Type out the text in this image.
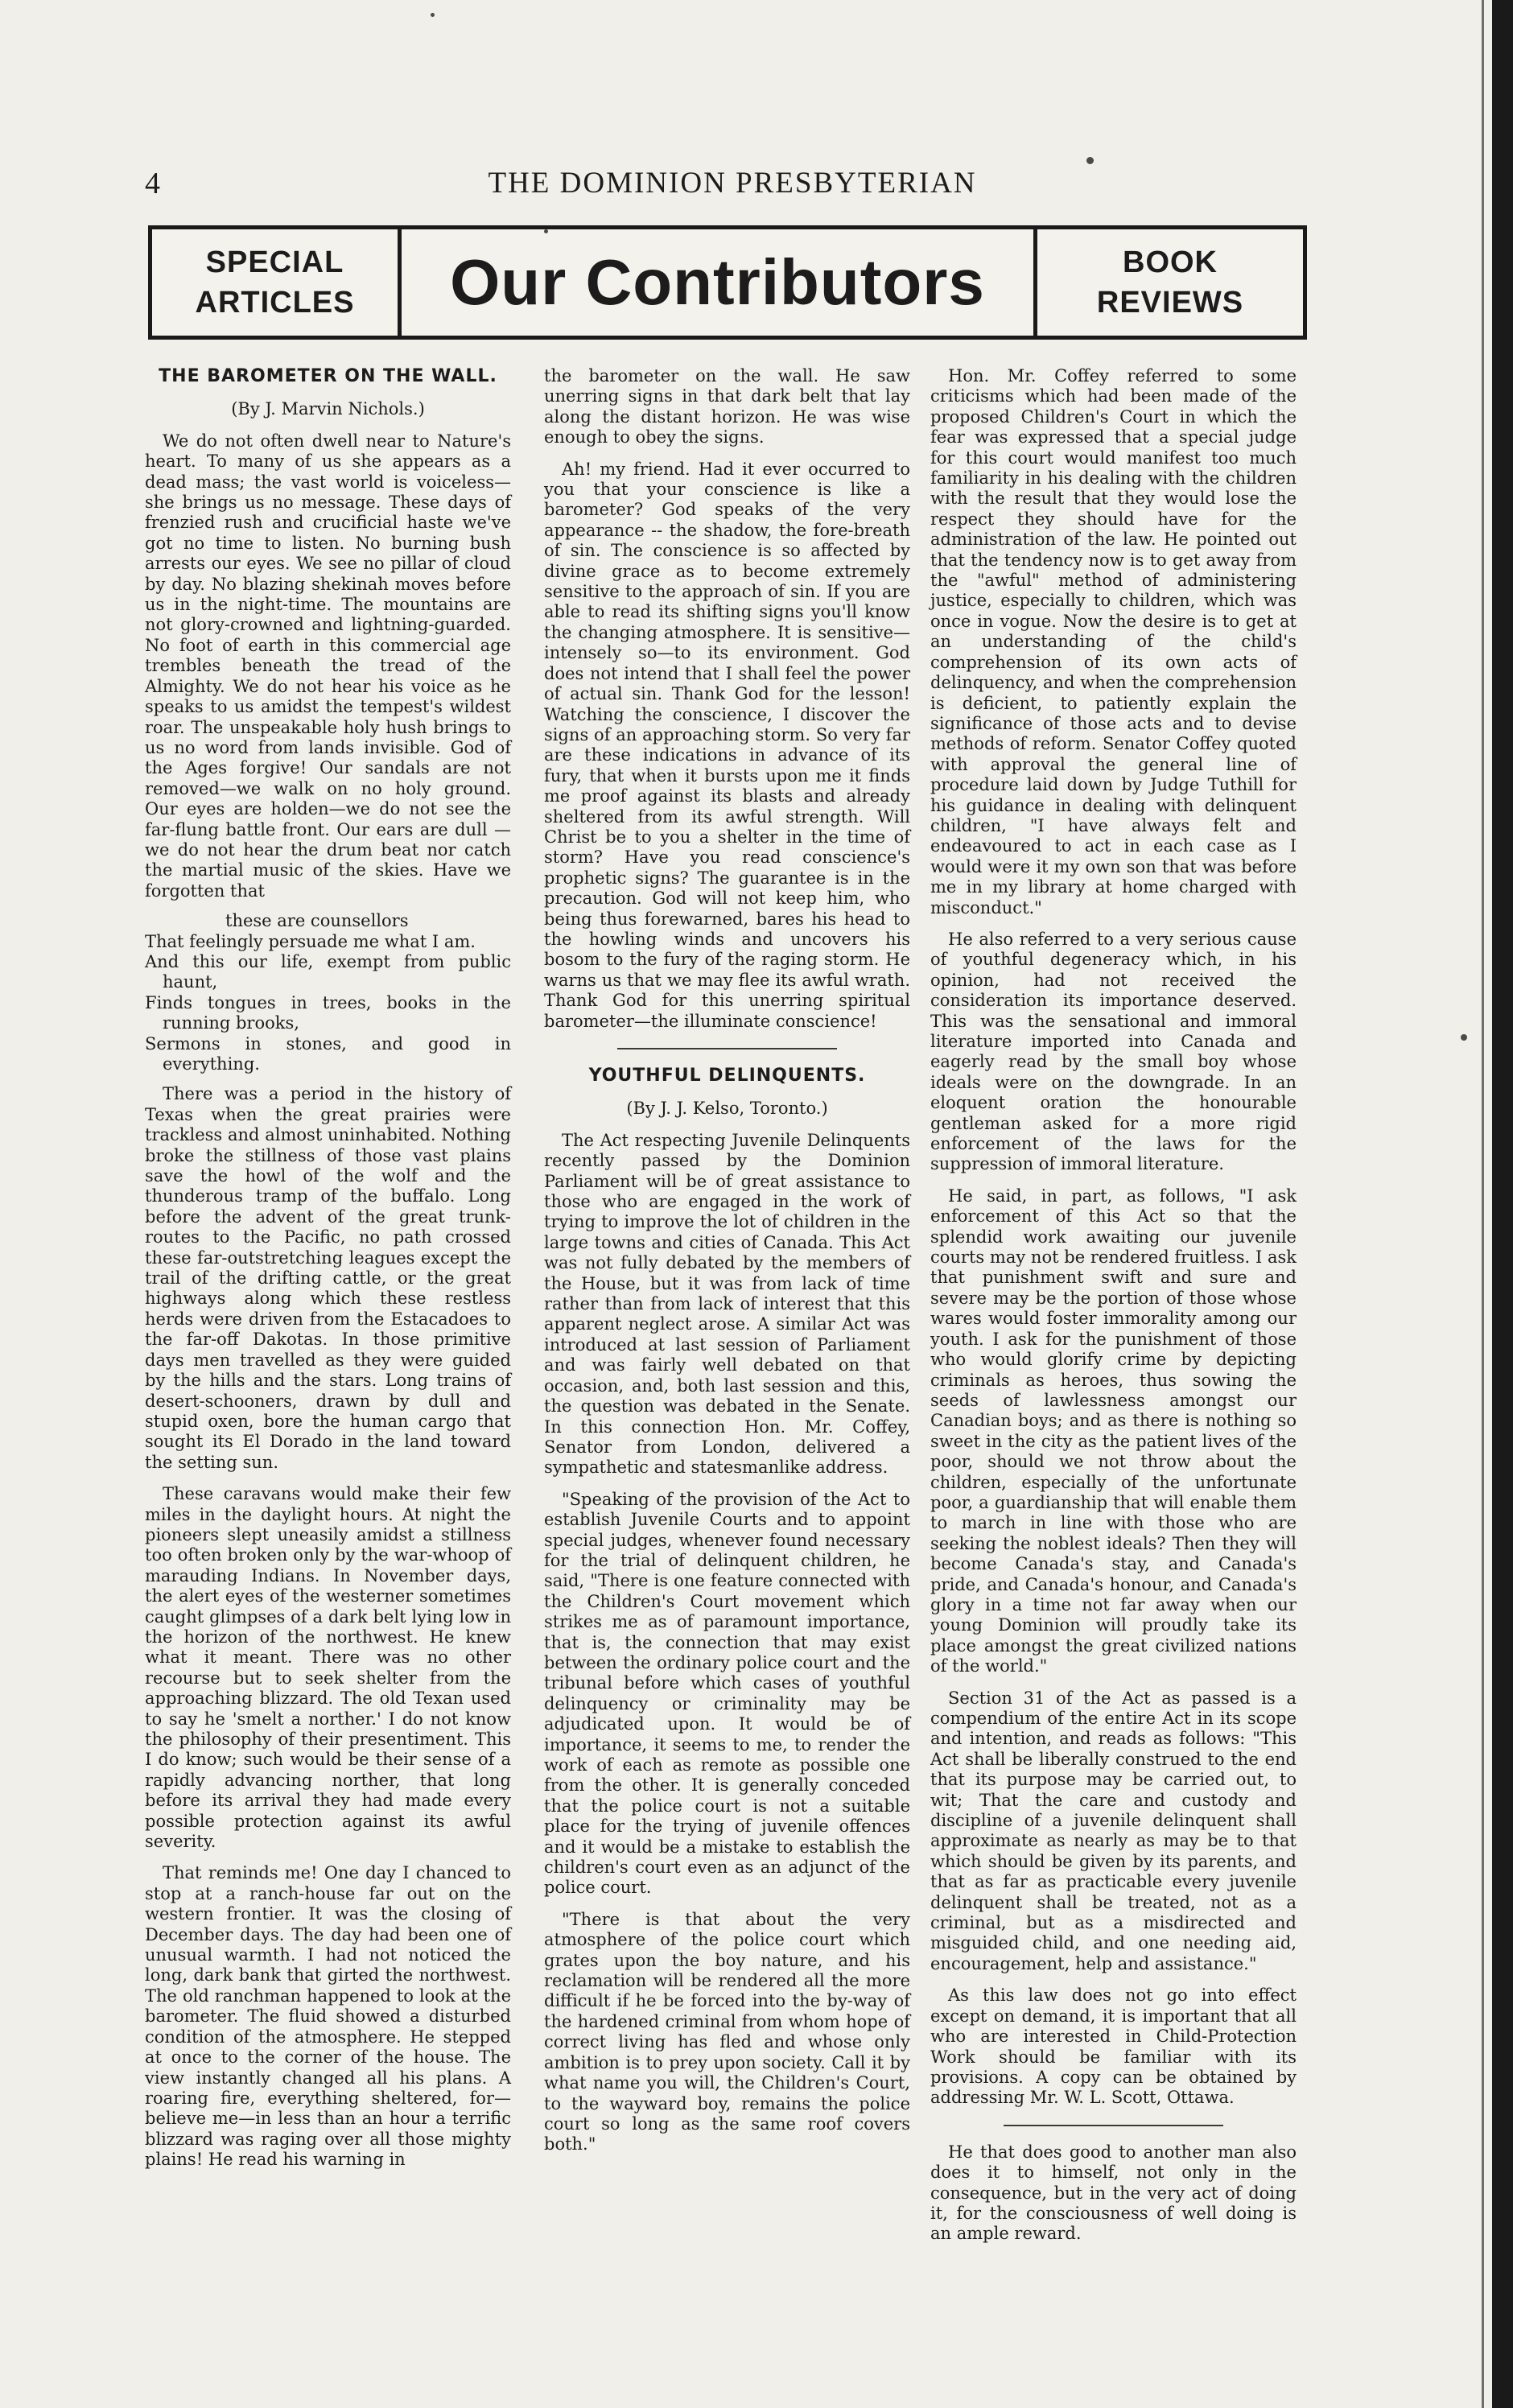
4	THE DOMINION PRESBYTERIAN
SPECIAL
ARTICLES Our Contributors	BOOK
REVIEWS
THE BAROMETER ON THE WALL.
(By J. Marvin Nichols.)

We do not often dwell near to Nature's heart. To many of us she appears as a dead mass; the vast world is voiceless—she brings us no message. These days of frenzied rush and crucificial haste we've got no time to listen. No burning bush arrests our eyes. We see no pillar of cloud by day. No blazing shekinah moves before us in the night-time. The mountains are not glory-crowned and lightning-guarded. No foot of earth in this commercial age trembles beneath the tread of the Almighty. We do not hear his voice as he speaks to us amidst the tempest's wildest roar. The unspeakable holy hush brings to us no word from lands invisible. God of the Ages forgive! Our sandals are not removed—we walk on no holy ground. Our eyes are holden—we do not see the far-flung battle front. Our ears are dull —we do not hear the drum beat nor catch the martial music of the skies. Have we forgotten that

these are counsellors
That feelingly persuade me what I am.
And this our life, exempt from public haunt,
Finds tongues in trees, books in the running brooks,
Sermons in stones, and good in everything.

There was a period in the history of Texas when the great prairies were trackless and almost uninhabited. Nothing broke the stillness of those vast plains save the howl of the wolf and the thunderous tramp of the buffalo. Long before the advent of the great trunk-routes to the Pacific, no path crossed these far-outstretching leagues except the trail of the drifting cattle, or the great highways along which these restless herds were driven from the Estacadoes to the far-off Dakotas. In those primitive days men travelled as they were guided by the hills and the stars. Long trains of desert-schooners, drawn by dull and stupid oxen, bore the human cargo that sought its El Dorado in the land toward the setting sun.

These caravans would make their few miles in the daylight hours. At night the pioneers slept uneasily amidst a stillness too often broken only by the war-whoop of marauding Indians. In November days, the alert eyes of the westerner sometimes caught glimpses of a dark belt lying low in the horizon of the northwest. He knew what it meant. There was no other recourse but to seek shelter from the approaching blizzard. The old Texan used to say he 'smelt a norther.' I do not know the philosophy of their presentiment. This I do know; such would be their sense of a rapidly advancing norther, that long before its arrival they had made every possible protection against its awful severity.

That reminds me! One day I chanced to stop at a ranch-house far out on the western frontier. It was the closing of December days. The day had been one of unusual warmth. I had not noticed the long, dark bank that girted the northwest. The old ranchman happened to look at the barometer. The fluid showed a disturbed condition of the atmosphere. He stepped at once to the corner of the house. The view instantly changed all his plans. A roaring fire, everything sheltered, for—believe me—in less than an hour a terrific blizzard was raging over all those mighty plains! He read his warning in

the barometer on the wall. He saw unerring signs in that dark belt that lay along the distant horizon. He was wise enough to obey the signs.

Ah! my friend. Had it ever occurred to you that your conscience is like a barometer? God speaks of the very appearance -- the shadow, the fore-breath of sin. The conscience is so affected by divine grace as to become extremely sensitive to the approach of sin. If you are able to read its shifting signs you'll know the changing atmosphere. It is sensitive—intensely so—to its environment. God does not intend that I shall feel the power of actual sin. Thank God for the lesson! Watching the conscience, I discover the signs of an approaching storm. So very far are these indications in advance of its fury, that when it bursts upon me it finds me proof against its blasts and already sheltered from its awful strength. Will Christ be to you a shelter in the time of storm? Have you read conscience's prophetic signs? The guarantee is in the precaution. God will not keep him, who being thus forewarned, bares his head to the howling winds and uncovers his bosom to the fury of the raging storm. He warns us that we may flee its awful wrath. Thank God for this unerring spiritual barometer—the illuminate conscience!

YOUTHFUL DELINQUENTS.
(By J. J. Kelso, Toronto.)

The Act respecting Juvenile Delinquents recently passed by the Dominion Parliament will be of great assistance to those who are engaged in the work of trying to improve the lot of children in the large towns and cities of Canada. This Act was not fully debated by the members of the House, but it was from lack of time rather than from lack of interest that this apparent neglect arose. A similar Act was introduced at last session of Parliament and was fairly well debated on that occasion, and, both last session and this, the question was debated in the Senate. In this connection Hon. Mr. Coffey, Senator from London, delivered a sympathetic and statesmanlike address.

"Speaking of the provision of the Act to establish Juvenile Courts and to appoint special judges, whenever found necessary for the trial of delinquent children, he said, "There is one feature connected with the Children's Court movement which strikes me as of paramount importance, that is, the connection that may exist between the ordinary police court and the tribunal before which cases of youthful delinquency or criminality may be adjudicated upon. It would be of importance, it seems to me, to render the work of each as remote as possible one from the other. It is generally conceded that the police court is not a suitable place for the trying of juvenile offences and it would be a mistake to establish the children's court even as an adjunct of the police court.

"There is that about the very atmosphere of the police court which grates upon the boy nature, and his reclamation will be rendered all the more difficult if he be forced into the by-way of the hardened criminal from whom hope of correct living has fled and whose only ambition is to prey upon society. Call it by what name you will, the Children's Court, to the wayward boy, remains the police court so long as the same roof covers both."

Hon. Mr. Coffey referred to some criticisms which had been made of the proposed Children's Court in which the fear was expressed that a special judge for this court would manifest too much familiarity in his dealing with the children with the result that they would lose the respect they should have for the administration of the law. He pointed out that the tendency now is to get away from the "awful" method of administering justice, especially to children, which was once in vogue. Now the desire is to get at an understanding of the child's comprehension of its own acts of delinquency, and when the comprehension is deficient, to patiently explain the significance of those acts and to devise methods of reform. Senator Coffey quoted with approval the general line of procedure laid down by Judge Tuthill for his guidance in dealing with delinquent children, "I have always felt and endeavoured to act in each case as I would were it my own son that was before me in my library at home charged with misconduct."

He also referred to a very serious cause of youthful degeneracy which, in his opinion, had not received the consideration its importance deserved. This was the sensational and immoral literature imported into Canada and eagerly read by the small boy whose ideals were on the downgrade. In an eloquent oration the honourable gentleman asked for a more rigid enforcement of the laws for the suppression of immoral literature.

He said, in part, as follows, "I ask enforcement of this Act so that the splendid work awaiting our juvenile courts may not be rendered fruitless. I ask that punishment swift and sure and severe may be the portion of those whose wares would foster immorality among our youth. I ask for the punishment of those who would glorify crime by depicting criminals as heroes, thus sowing the seeds of lawlessness amongst our Canadian boys; and as there is nothing so sweet in the city as the patient lives of the poor, should we not throw about the children, especially of the unfortunate poor, a guardianship that will enable them to march in line with those who are seeking the noblest ideals? Then they will become Canada's stay, and Canada's pride, and Canada's honour, and Canada's glory in a time not far away when our young Dominion will proudly take its place amongst the great civilized nations of the world."

Section 31 of the Act as passed is a compendium of the entire Act in its scope and intention, and reads as follows: "This Act shall be liberally construed to the end that its purpose may be carried out, to wit; That the care and custody and discipline of a juvenile delinquent shall approximate as nearly as may be to that which should be given by its parents, and that as far as practicable every juvenile delinquent shall be treated, not as a criminal, but as a misdirected and misguided child, and one needing aid, encouragement, help and assistance."

As this law does not go into effect except on demand, it is important that all who are interested in Child-Protection Work should be familiar with its provisions. A copy can be obtained by addressing Mr. W. L. Scott, Ottawa.

He that does good to another man also does it to himself, not only in the consequence, but in the very act of doing it, for the consciousness of well doing is an ample reward.
